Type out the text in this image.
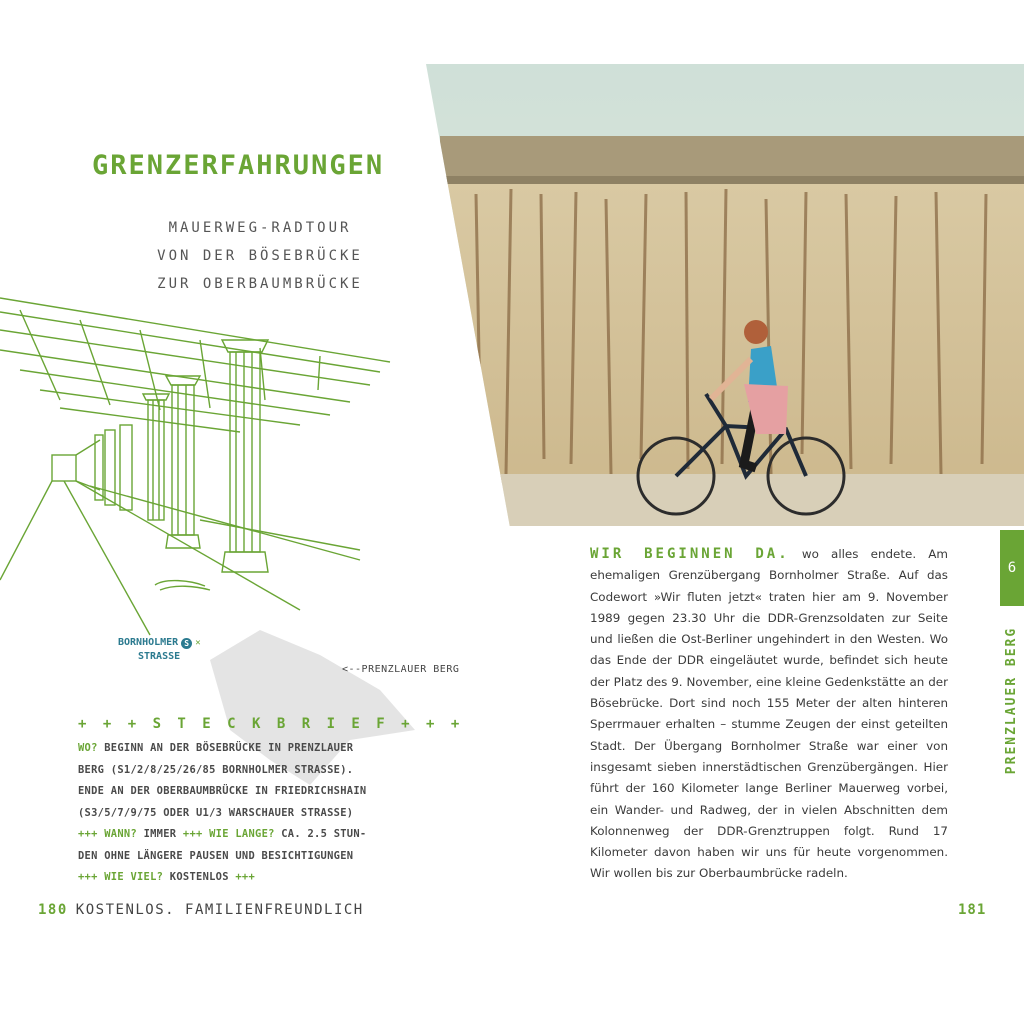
GRENZERFAHRUNGEN
MAUERWEG-RADTOUR
VON DER BÖSEBRÜCKE
ZUR OBERBAUMBRÜCKE
BORNHOLMER S ✕
STRASSE
<--PRENZLAUER BERG
+ + + S T E C K B R I E F + + +
WO? BEGINN AN DER BÖSEBRÜCKE IN PRENZLAUER
BERG (S1/2/8/25/26/85 BORNHOLMER STRASSE).
ENDE AN DER OBERBAUMBRÜCKE IN FRIEDRICHSHAIN
(S3/5/7/9/75 ODER U1/3 WARSCHAUER STRASSE)
+++ WANN? IMMER +++ WIE LANGE? CA. 2.5 STUN-
DEN OHNE LÄNGERE PAUSEN UND BESICHTIGUNGEN
+++ WIE VIEL? KOSTENLOS +++
180 KOSTENLOS. FAMILIENFREUNDLICH

WIR BEGINNEN DA. wo alles endete. Am ehemaligen Grenzübergang Bornholmer Straße. Auf das Codewort »Wir fluten jetzt« traten hier am 9. November 1989 gegen 23.30 Uhr die DDR-Grenzsoldaten zur Seite und ließen die Ost-Berliner ungehindert in den Westen. Wo das Ende der DDR eingeläutet wurde, befindet sich heute der Platz des 9. November, eine kleine Gedenkstätte an der Bösebrücke. Dort sind noch 155 Meter der alten hinteren Sperrmauer erhalten – stumme Zeugen der einst geteilten Stadt. Der Übergang Bornholmer Straße war einer von insgesamt sieben innerstädtischen Grenzübergängen. Hier führt der 160 Kilometer lange Berliner Mauerweg vorbei, ein Wander- und Radweg, der in vielen Abschnitten dem Kolonnenweg der DDR-Grenztruppen folgt. Rund 17 Kilometer davon haben wir uns für heute vorgenommen. Wir wollen bis zur Oberbaumbrücke radeln.

6
PRENZLAUER BERG
181
